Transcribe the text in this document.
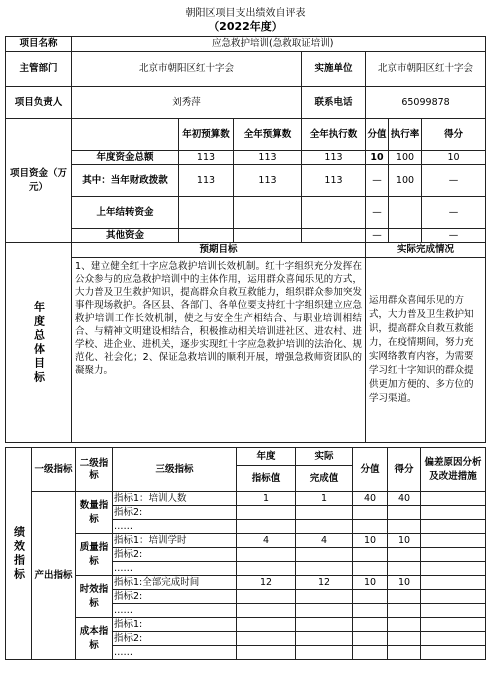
朝阳区项目支出绩效自评表
（2022年度）
项目名称	应急救护培训(急救取证培训)						
主管部门	北京市朝阳区红十字会			实施单位	北京市朝阳区红十字会		
项目负责人	刘秀萍			联系电话	65099878		
项目资金（万元）		年初预算数	全年预算数	全年执行数	分值	执行率	得分
	年度资金总额	113	113	113	10	100	10
	其中：当年财政拨款	113	113	113	—	100	—
	上年结转资金				—		—
	其他资金				—		—

年度总体目标	预期目标				实际完成情况		
	1、建立健全红十字应急救护培训长效机制。红十字组织充分发挥在公众参与的应急救护培训中的主体作用，运用群众喜闻乐见的方式，大力普及卫生救护知识，提高群众自救互救能力，组织群众参加突发事件现场救护。各区县、各部门、各单位要支持红十字组织建立应急救护培训工作长效机制，使之与安全生产相结合、与职业培训相结合、与精神文明建设相结合，积极推动相关培训进社区、进农村、进学校、进企业、进机关，逐步实现红十字应急救护培训的法治化、规范化、社会化；2、保证急救培训的顺利开展，增强急救师资团队的凝聚力。				运用群众喜闻乐见的方式，大力普及卫生救护知识，提高群众自救互救能力，在疫情期间，努力充实网络教育内容，为需要学习红十字知识的群众提供更加方便的、多方位的学习渠道。		
绩效指标	一级指标	二级指标	三级指标	年度	实际	分值	得分	偏差原因分析及改进措施
				指标值	完成值			
	产出指标	数量指标	指标1：培训人数	1	1	40	40	
			指标2:					
			……					
		质量指标	指标1：培训学时	4	4	10	10	
			指标2:					
			……					
		时效指标	指标1:全部完成时间	12	12	10	10	
			指标2:					
			……					
		成本指标	指标1:					
			指标2:					
			……					
